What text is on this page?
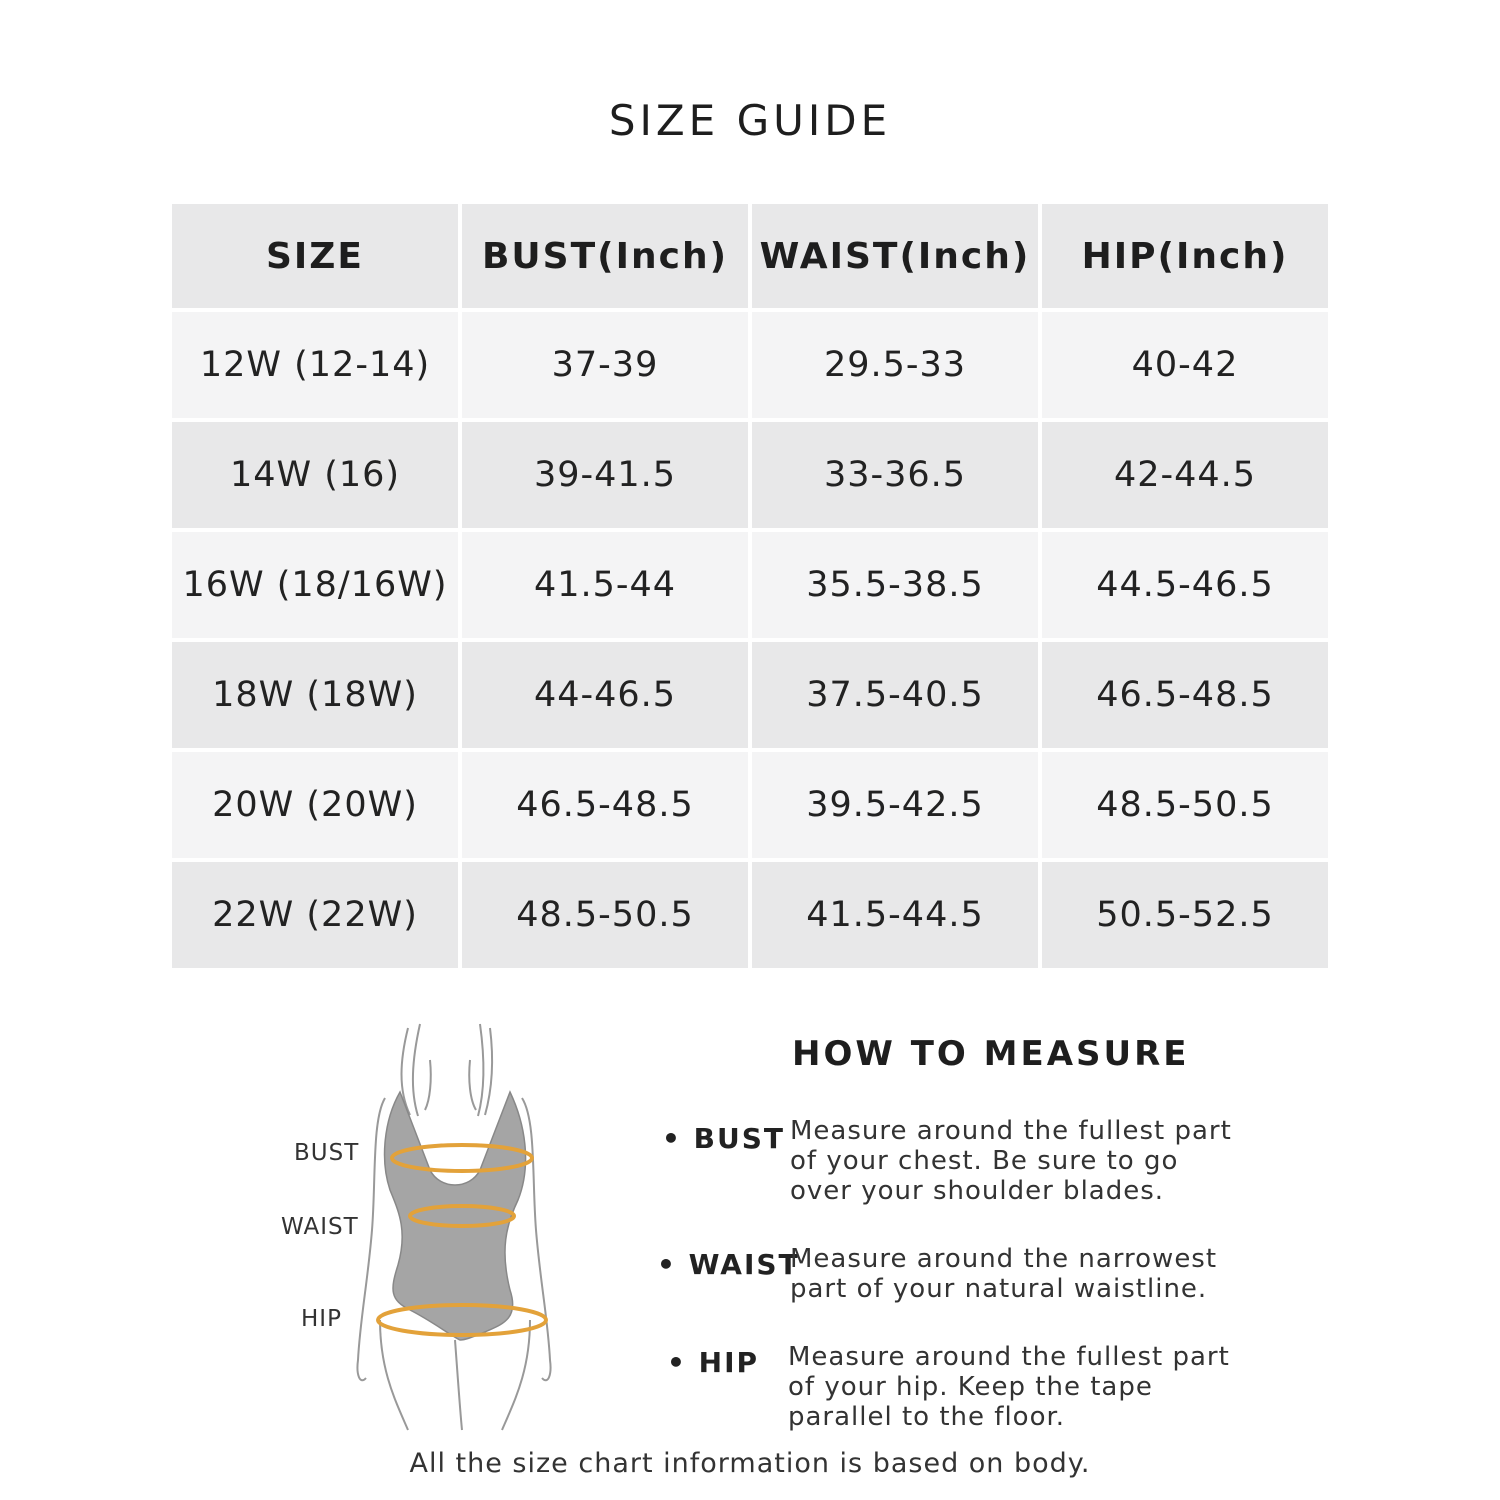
SIZE GUIDE
SIZE	BUST(Inch)	WAIST(Inch)	HIP(Inch)
12W (12-14)	37-39	29.5-33	40-42
14W (16)	39-41.5	33-36.5	42-44.5
16W (18/16W)	41.5-44	35.5-38.5	44.5-46.5
18W (18W)	44-46.5	37.5-40.5	46.5-48.5
20W (20W)	46.5-48.5	39.5-42.5	48.5-50.5
22W (22W)	48.5-50.5	41.5-44.5	50.5-52.5
BUST
WAIST
HIP
HOW TO MEASURE
• BUST Measure around the fullest part
of your chest. Be sure to go
over your shoulder blades.
• WAIST
Measure around the narrowest
part of your natural waistline.
• HIP Measure around the fullest part
of your hip. Keep the tape
parallel to the floor.
All the size chart information is based on body.
